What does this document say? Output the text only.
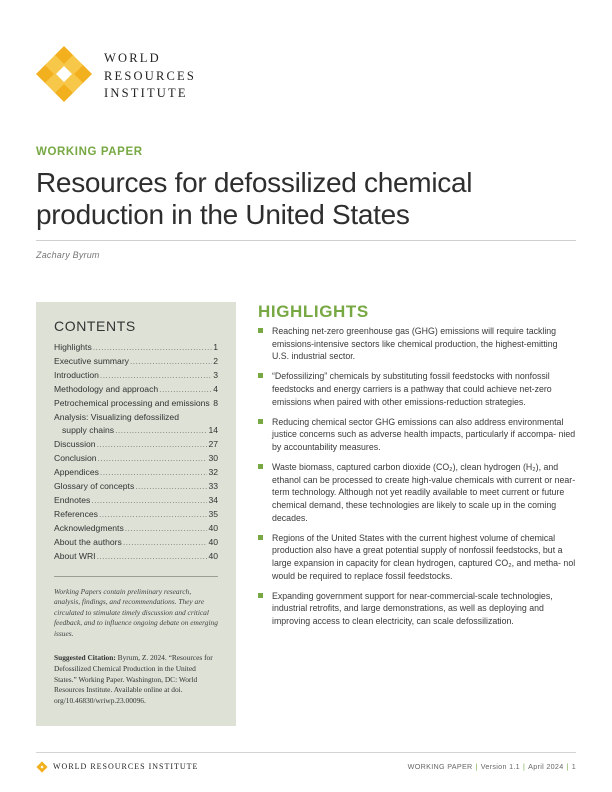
WORLD
RESOURCES
INSTITUTE
WORKING PAPER
Resources for defossilized chemical production in the United States
Zachary Byrum
CONTENTS
Highlights .....	1
Executive summary .....	2
Introduction .....	3
Methodology and approach .....	4
Petrochemical processing and emissions 8
Analysis: Visualizing defossilized
supply chains .....	14
Discussion .....	27
Conclusion .....	30
Appendices .....	32
Glossary of concepts .....	33
Endnotes .....	34
References .....	35
Acknowledgments .....	40
About the authors .....	40
About WRI .....	40

Working Papers contain preliminary research, analysis, findings, and recommendations. They are circulated to stimulate timely discussion and critical feedback, and to influence ongoing debate on emerging issues.

Suggested Citation: Byrum, Z. 2024. “Resources for Defossilized Chemical Production in the United States.” Working Paper. Washington, DC: World Resources Institute. Available online at doi. org/10.46830/wriwp.23.00096.

HIGHLIGHTS
Reaching net-zero greenhouse gas (GHG) emissions will require tackling emissions-intensive sectors like chemical production, the highest-emitting U.S. industrial sector.
“Defossilizing” chemicals by substituting fossil feedstocks with nonfossil feedstocks and energy carriers is a pathway that could achieve net-zero emissions when paired with other emissions-reduction strategies.
Reducing chemical sector GHG emissions can also address environmental justice concerns such as adverse health impacts, particularly if accompa- nied by accountability measures.
Waste biomass, captured carbon dioxide (CO₂), clean hydrogen (H₂), and ethanol can be processed to create high-value chemicals with current or near-term technology. Although not yet readily available to meet current or future chemical demand, these technologies are likely to scale up in the coming decades.
Regions of the United States with the current highest volume of chemical production also have a great potential supply of nonfossil feedstocks, but a large expansion in capacity for clean hydrogen, captured CO₂, and metha- nol would be required to replace fossil feedstocks.
Expanding government support for near-commercial-scale technologies, industrial retrofits, and large demonstrations, as well as deploying and improving access to clean electricity, can scale defossilization.
WORLD RESOURCES INSTITUTE	WORKING PAPER | Version 1.1 | April 2024 | 1
